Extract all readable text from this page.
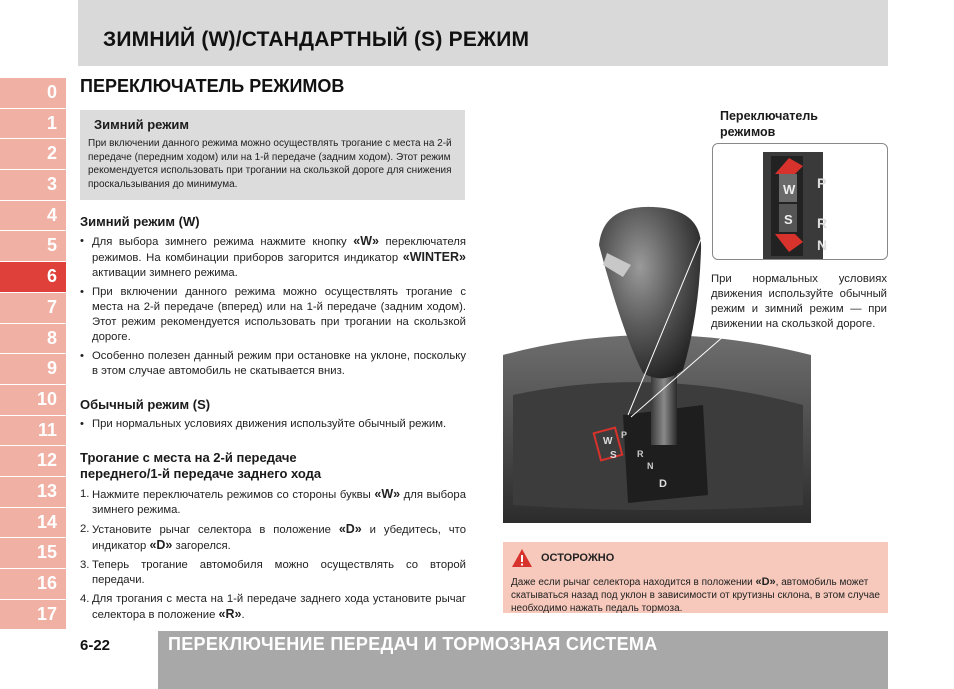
ЗИМНИЙ (W)/СТАНДАРТНЫЙ (S) РЕЖИМ
0
1
2
3
4
5
6
7
8
9
10
11
12
13
14
15
16
17
ПЕРЕКЛЮЧАТЕЛЬ РЕЖИМОВ
Зимний режим

При включении данного режима можно осуществлять трогание с места на 2-й передаче (передним ходом) или на 1-й передаче (задним ходом). Этот режим рекомендуется использовать при трогании на скользкой дороге для снижения проскальзывания до минимума.

Зимний режим (W)
• Для выбора зимнего режима нажмите кнопку «W» переключателя режимов. На комбинации приборов загорится индикатор «WINTER» активации зимнего режима.
• При включении данного режима можно осуществлять трогание с места на 2-й передаче (вперед) или на 1-й передаче (задним ходом). Этот режим рекомендуется использовать при трогании на скользкой дороге.
• Особенно полезен данный режим при остановке на уклоне, поскольку в этом случае автомобиль не скатывается вниз.
Обычный режим (S)
• При нормальных условиях движения используйте обычный режим.
Трогание с места на 2-й передаче
переднего/1-й передаче заднего хода
1. Нажмите переключатель режимов со стороны буквы «W» для выбора зимнего режима.
2. Установите рычаг селектора в положение «D» и убедитесь, что индикатор «D» загорелся.
3. Теперь трогание автомобиля можно осуществлять со второй передачи.
4. Для трогания с места на 1-й передаче заднего хода установите рычаг селектора в положение «R».
W
S
P
R
N
D
Переключатель
режимов
W
S
P
R
N
При нормальных условиях движения используйте обычный режим и зимний режим — при движении на скользкой дороге.
ОСТОРОЖНО

Даже если рычаг селектора находится в положении «D», автомобиль может скатываться назад под уклон в зависимости от крутизны склона, в этом случае необходимо нажать педаль тормоза.

6-22	ПЕРЕКЛЮЧЕНИЕ ПЕРЕДАЧ И ТОРМОЗНАЯ СИСТЕМА
